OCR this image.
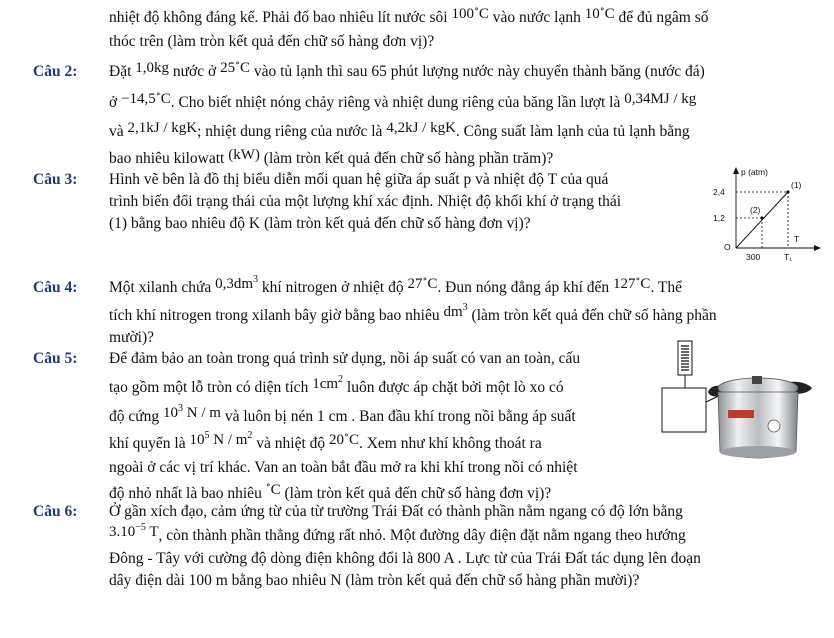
nhiệt độ không đáng kể. Phải đổ bao nhiêu lít nước sôi 100∘C vào nước lạnh 10∘C để đủ ngâm số
thóc trên (làm tròn kết quả đến chữ số hàng đơn vị)?
Câu 2: Đặt 1,0kg nước ở 25∘C vào tủ lạnh thì sau 65 phút lượng nước này chuyển thành băng (nước đá)
ở −14,5∘C. Cho biết nhiệt nóng chảy riêng và nhiệt dung riêng của băng lần lượt là 0,34MJ / kg
và 2,1kJ / kgK; nhiệt dung riêng của nước là 4,2kJ / kgK. Công suất làm lạnh của tủ lạnh bằng
bao nhiêu kilowatt (kW) (làm tròn kết quả đến chữ số hàng phần trăm)?
Câu 3: Hình vẽ bên là đồ thị biểu diễn mối quan hệ giữa áp suất p và nhiệt độ T của quá
trình biến đổi trạng thái của một lượng khí xác định. Nhiệt độ khối khí ở trạng thái
(1) bằng bao nhiêu độ K (làm tròn kết quả đến chữ số hàng đơn vị)?
p (atm)
T
O
2,4
1,2
300	T₁
(1)
(2)
Câu 4: Một xilanh chứa $0,3dm^3$ khí nitrogen ở nhiệt độ 27∘C. Đun nóng đẳng áp khí đến 127∘C. Thể
tích khí nitrogen trong xilanh bây giờ bằng bao nhiêu $dm^3$ (làm tròn kết quả đến chữ số hàng phần
mười)?
Câu 5: Để đảm bảo an toàn trong quá trình sử dụng, nồi áp suất có van an toàn, cấu
tạo gồm một lỗ tròn có diện tích $1cm^2$ luôn được áp chặt bởi một lò xo có
độ cứng $10^3$ N / m và luôn bị nén 1 cm . Ban đầu khí trong nồi bằng áp suất
khí quyển là $10^5$ N / $m^2$ và nhiệt độ 20∘C. Xem như khí không thoát ra
ngoài ở các vị trí khác. Van an toàn bắt đầu mở ra khi khí trong nồi có nhiệt
độ nhỏ nhất là bao nhiêu ∘C (làm tròn kết quả đến chữ số hàng đơn vị)?
Câu 6: Ở gần xích đạo, cảm ứng từ của từ trường Trái Đất có thành phần nằm ngang có độ lớn bằng
$3.10^{-5}$ T, còn thành phần thẳng đứng rất nhỏ. Một đường dây điện đặt nằm ngang theo hướng
Đông - Tây với cường độ dòng điện không đổi là 800 A . Lực từ của Trái Đất tác dụng lên đoạn
dây điện dài 100 m bằng bao nhiêu N (làm tròn kết quả đến chữ số hàng phần mười)?
